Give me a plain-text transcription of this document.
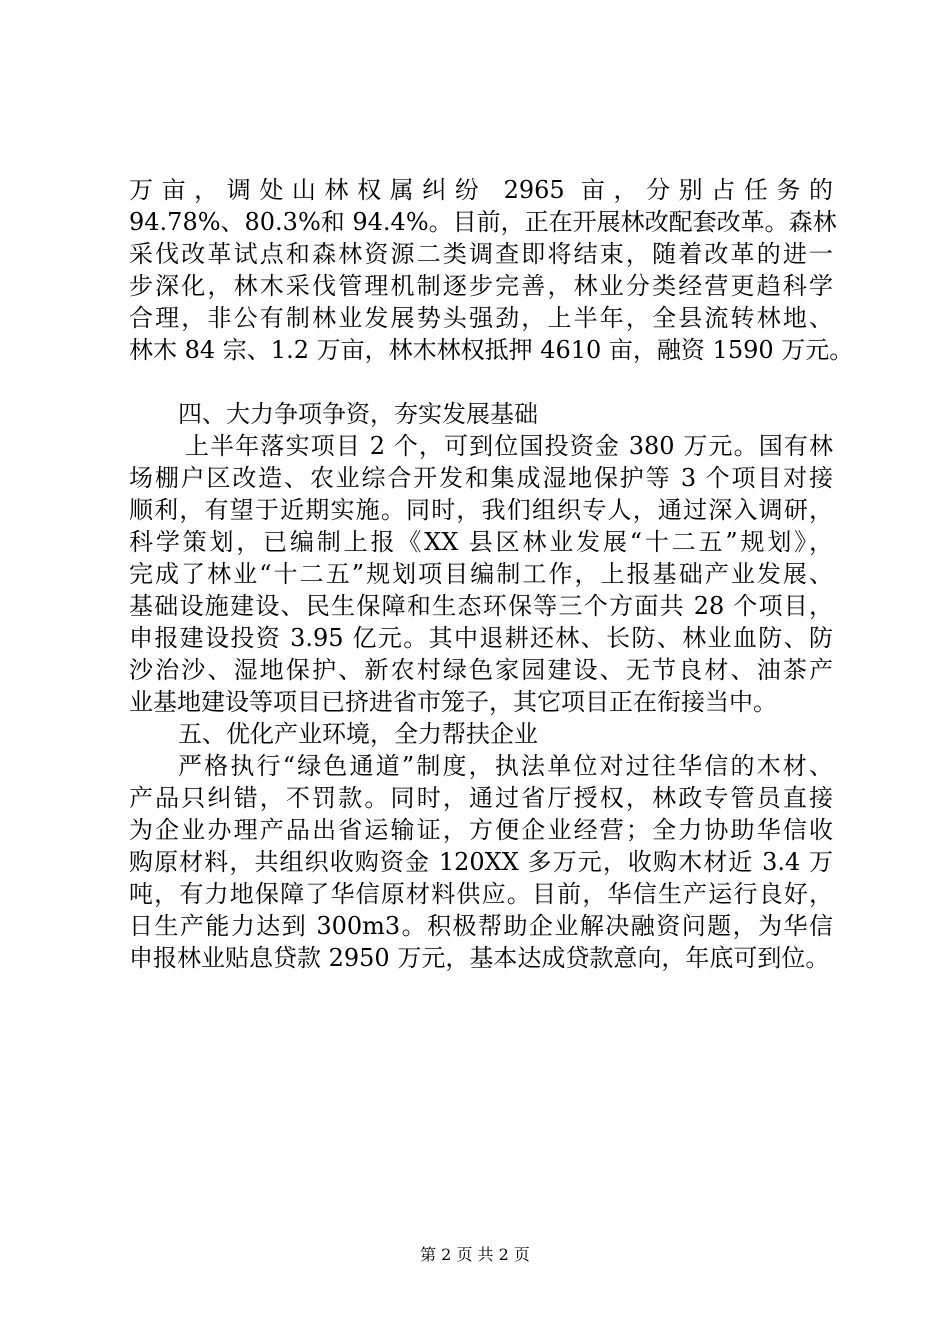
万亩，调处山林权属纠纷 2965 亩，分别占任务的
94.78%、80.3%和 94.4%。目前，正在开展林改配套改革。森林
采伐改革试点和森林资源二类调查即将结束，随着改革的进一
步深化，林木采伐管理机制逐步完善，林业分类经营更趋科学
合理，非公有制林业发展势头强劲，上半年，全县流转林地、
林木 84 宗、1.2 万亩，林木林权抵押 4610 亩，融资 1590 万元。
四、大力争项争资，夯实发展基础
上半年落实项目 2 个，可到位国投资金 380 万元。国有林
场棚户区改造、农业综合开发和集成湿地保护等 3 个项目对接
顺利，有望于近期实施。同时，我们组织专人，通过深入调研，
科学策划，已编制上报《XX 县区林业发展“十二五”规划》，
完成了林业“十二五”规划项目编制工作，上报基础产业发展、
基础设施建设、民生保障和生态环保等三个方面共 28 个项目，
申报建设投资 3.95 亿元。其中退耕还林、长防、林业血防、防
沙治沙、湿地保护、新农村绿色家园建设、无节良材、油茶产
业基地建设等项目已挤进省市笼子，其它项目正在衔接当中。
五、优化产业环境，全力帮扶企业
严格执行“绿色通道”制度，执法单位对过往华信的木材、
产品只纠错，不罚款。同时，通过省厅授权，林政专管员直接
为企业办理产品出省运输证，方便企业经营；全力协助华信收
购原材料，共组织收购资金 120XX 多万元，收购木材近 3.4 万
吨，有力地保障了华信原材料供应。目前，华信生产运行良好，
日生产能力达到 300m3。积极帮助企业解决融资问题，为华信
申报林业贴息贷款 2950 万元，基本达成贷款意向，年底可到位。
第 2 页 共 2 页
